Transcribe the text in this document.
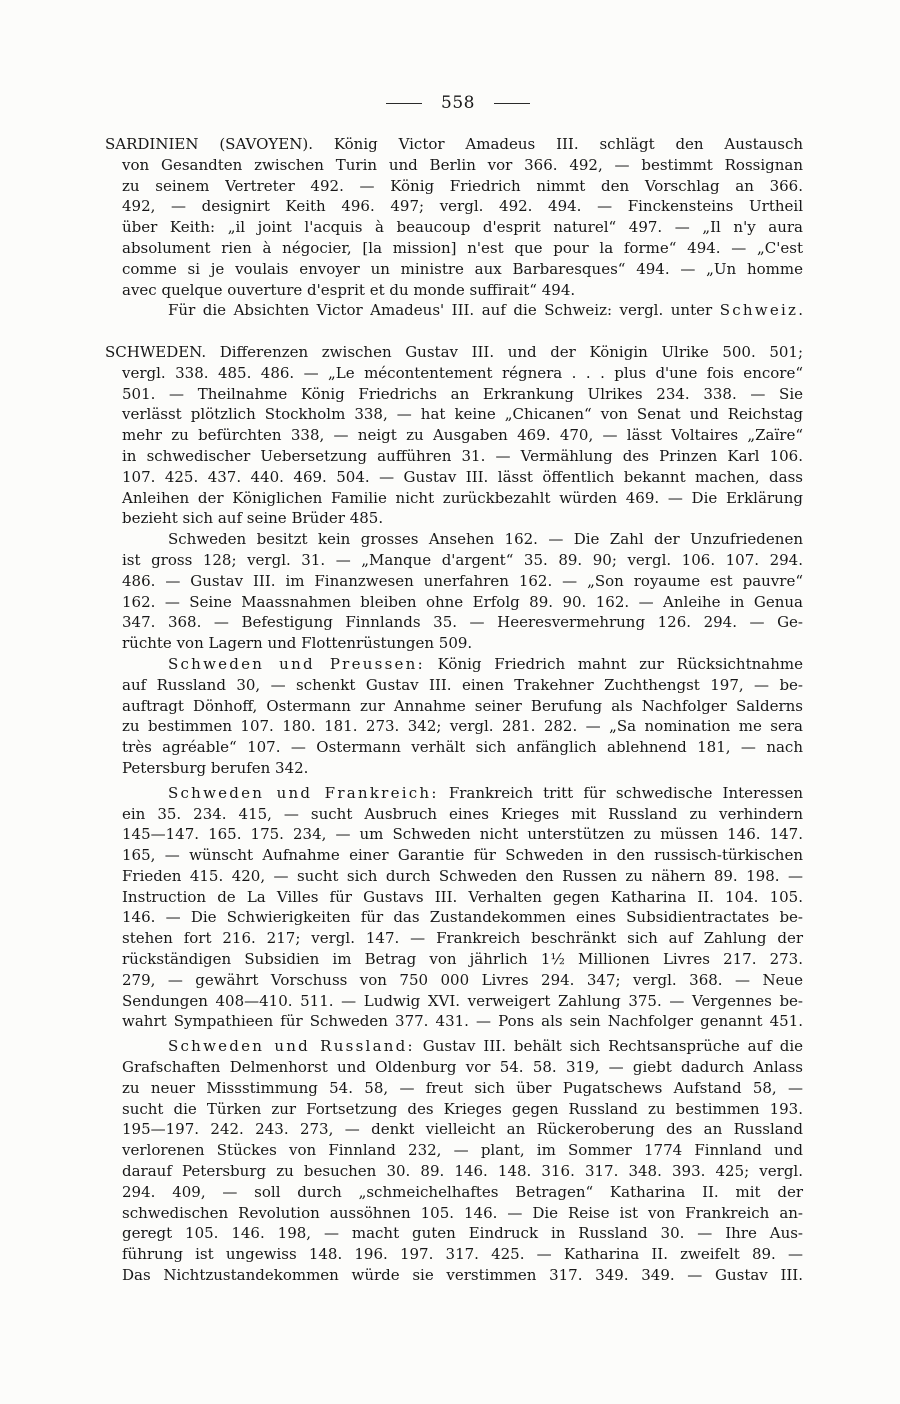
558
SARDINIEN (SAVOYEN). König Victor Amadeus III. schlägt den Austausch
von Gesandten zwischen Turin und Berlin vor 366. 492, — bestimmt Rossignan
zu seinem Vertreter 492. — König Friedrich nimmt den Vorschlag an 366.
492, — designirt Keith 496. 497; vergl. 492. 494. — Finckensteins Urtheil
über Keith: „il joint l'acquis à beaucoup d'esprit naturel“ 497. — „Il n'y aura
absolument rien à négocier, [la mission] n'est que pour la forme“ 494. — „C'est
comme si je voulais envoyer un ministre aux Barbaresques“ 494. — „Un homme
avec quelque ouverture d'esprit et du monde suffirait“ 494.
Für die Absichten Victor Amadeus' III. auf die Schweiz: vergl. unter Schweiz.
SCHWEDEN. Differenzen zwischen Gustav III. und der Königin Ulrike 500. 501;
vergl. 338. 485. 486. — „Le mécontentement régnera . . . plus d'une fois encore“
501. — Theilnahme König Friedrichs an Erkrankung Ulrikes 234. 338. — Sie
verlässt plötzlich Stockholm 338, — hat keine „Chicanen“ von Senat und Reichstag
mehr zu befürchten 338, — neigt zu Ausgaben 469. 470, — lässt Voltaires „Zaïre“
in schwedischer Uebersetzung aufführen 31. — Vermählung des Prinzen Karl 106.
107. 425. 437. 440. 469. 504. — Gustav III. lässt öffentlich bekannt machen, dass
Anleihen der Königlichen Familie nicht zurückbezahlt würden 469. — Die Erklärung
bezieht sich auf seine Brüder 485.
Schweden besitzt kein grosses Ansehen 162. — Die Zahl der Unzufriedenen
ist gross 128; vergl. 31. — „Manque d'argent“ 35. 89. 90; vergl. 106. 107. 294.
486. — Gustav III. im Finanzwesen unerfahren 162. — „Son royaume est pauvre“
162. — Seine Maassnahmen bleiben ohne Erfolg 89. 90. 162. — Anleihe in Genua
347. 368. — Befestigung Finnlands 35. — Heeresvermehrung 126. 294. — Ge-
rüchte von Lagern und Flottenrüstungen 509.
Schweden und Preussen: König Friedrich mahnt zur Rücksichtnahme
auf Russland 30, — schenkt Gustav III. einen Trakehner Zuchthengst 197, — be-
auftragt Dönhoff, Ostermann zur Annahme seiner Berufung als Nachfolger Salderns
zu bestimmen 107. 180. 181. 273. 342; vergl. 281. 282. — „Sa nomination me sera
très agréable“ 107. — Ostermann verhält sich anfänglich ablehnend 181, — nach
Petersburg berufen 342.
Schweden und Frankreich: Frankreich tritt für schwedische Interessen
ein 35. 234. 415, — sucht Ausbruch eines Krieges mit Russland zu verhindern
145—147. 165. 175. 234, — um Schweden nicht unterstützen zu müssen 146. 147.
165, — wünscht Aufnahme einer Garantie für Schweden in den russisch-türkischen
Frieden 415. 420, — sucht sich durch Schweden den Russen zu nähern 89. 198. —
Instruction de La Villes für Gustavs III. Verhalten gegen Katharina II. 104. 105.
146. — Die Schwierigkeiten für das Zustandekommen eines Subsidientractates be-
stehen fort 216. 217; vergl. 147. — Frankreich beschränkt sich auf Zahlung der
rückständigen Subsidien im Betrag von jährlich 1½ Millionen Livres 217. 273.
279, — gewährt Vorschuss von 750 000 Livres 294. 347; vergl. 368. — Neue
Sendungen 408—410. 511. — Ludwig XVI. verweigert Zahlung 375. — Vergennes be-
wahrt Sympathieen für Schweden 377. 431. — Pons als sein Nachfolger genannt 451.
Schweden und Russland: Gustav III. behält sich Rechtsansprüche auf die
Grafschaften Delmenhorst und Oldenburg vor 54. 58. 319, — giebt dadurch Anlass
zu neuer Missstimmung 54. 58, — freut sich über Pugatschews Aufstand 58, —
sucht die Türken zur Fortsetzung des Krieges gegen Russland zu bestimmen 193.
195—197. 242. 243. 273, — denkt vielleicht an Rückeroberung des an Russland
verlorenen Stückes von Finnland 232, — plant, im Sommer 1774 Finnland und
darauf Petersburg zu besuchen 30. 89. 146. 148. 316. 317. 348. 393. 425; vergl.
294. 409, — soll durch „schmeichelhaftes Betragen“ Katharina II. mit der
schwedischen Revolution aussöhnen 105. 146. — Die Reise ist von Frankreich an-
geregt 105. 146. 198, — macht guten Eindruck in Russland 30. — Ihre Aus-
führung ist ungewiss 148. 196. 197. 317. 425. — Katharina II. zweifelt 89. —
Das Nichtzustandekommen würde sie verstimmen 317. 349. 349. — Gustav III.
